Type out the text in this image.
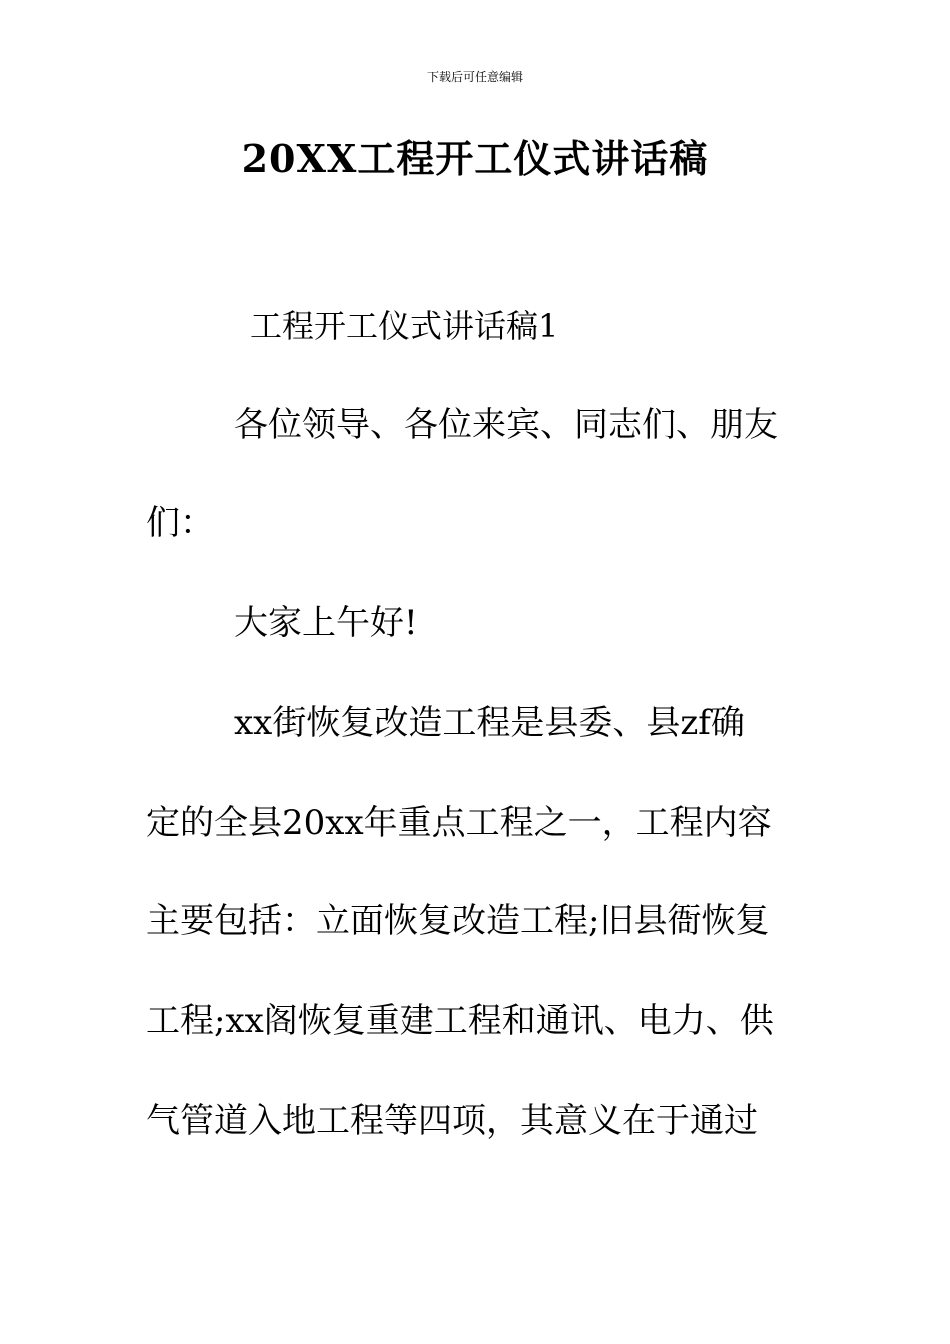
下载后可任意编辑
20XX工程开工仪式讲话稿
工程开工仪式讲话稿1
各位领导、各位来宾、同志们、朋友
们：
大家上午好!
xx街恢复改造工程是县委、县zf确
定的全县20xx年重点工程之一，工程内容
主要包括：立面恢复改造工程;旧县衙恢复
工程;xx阁恢复重建工程和通讯、电力、供
气管道入地工程等四项，其意义在于通过
